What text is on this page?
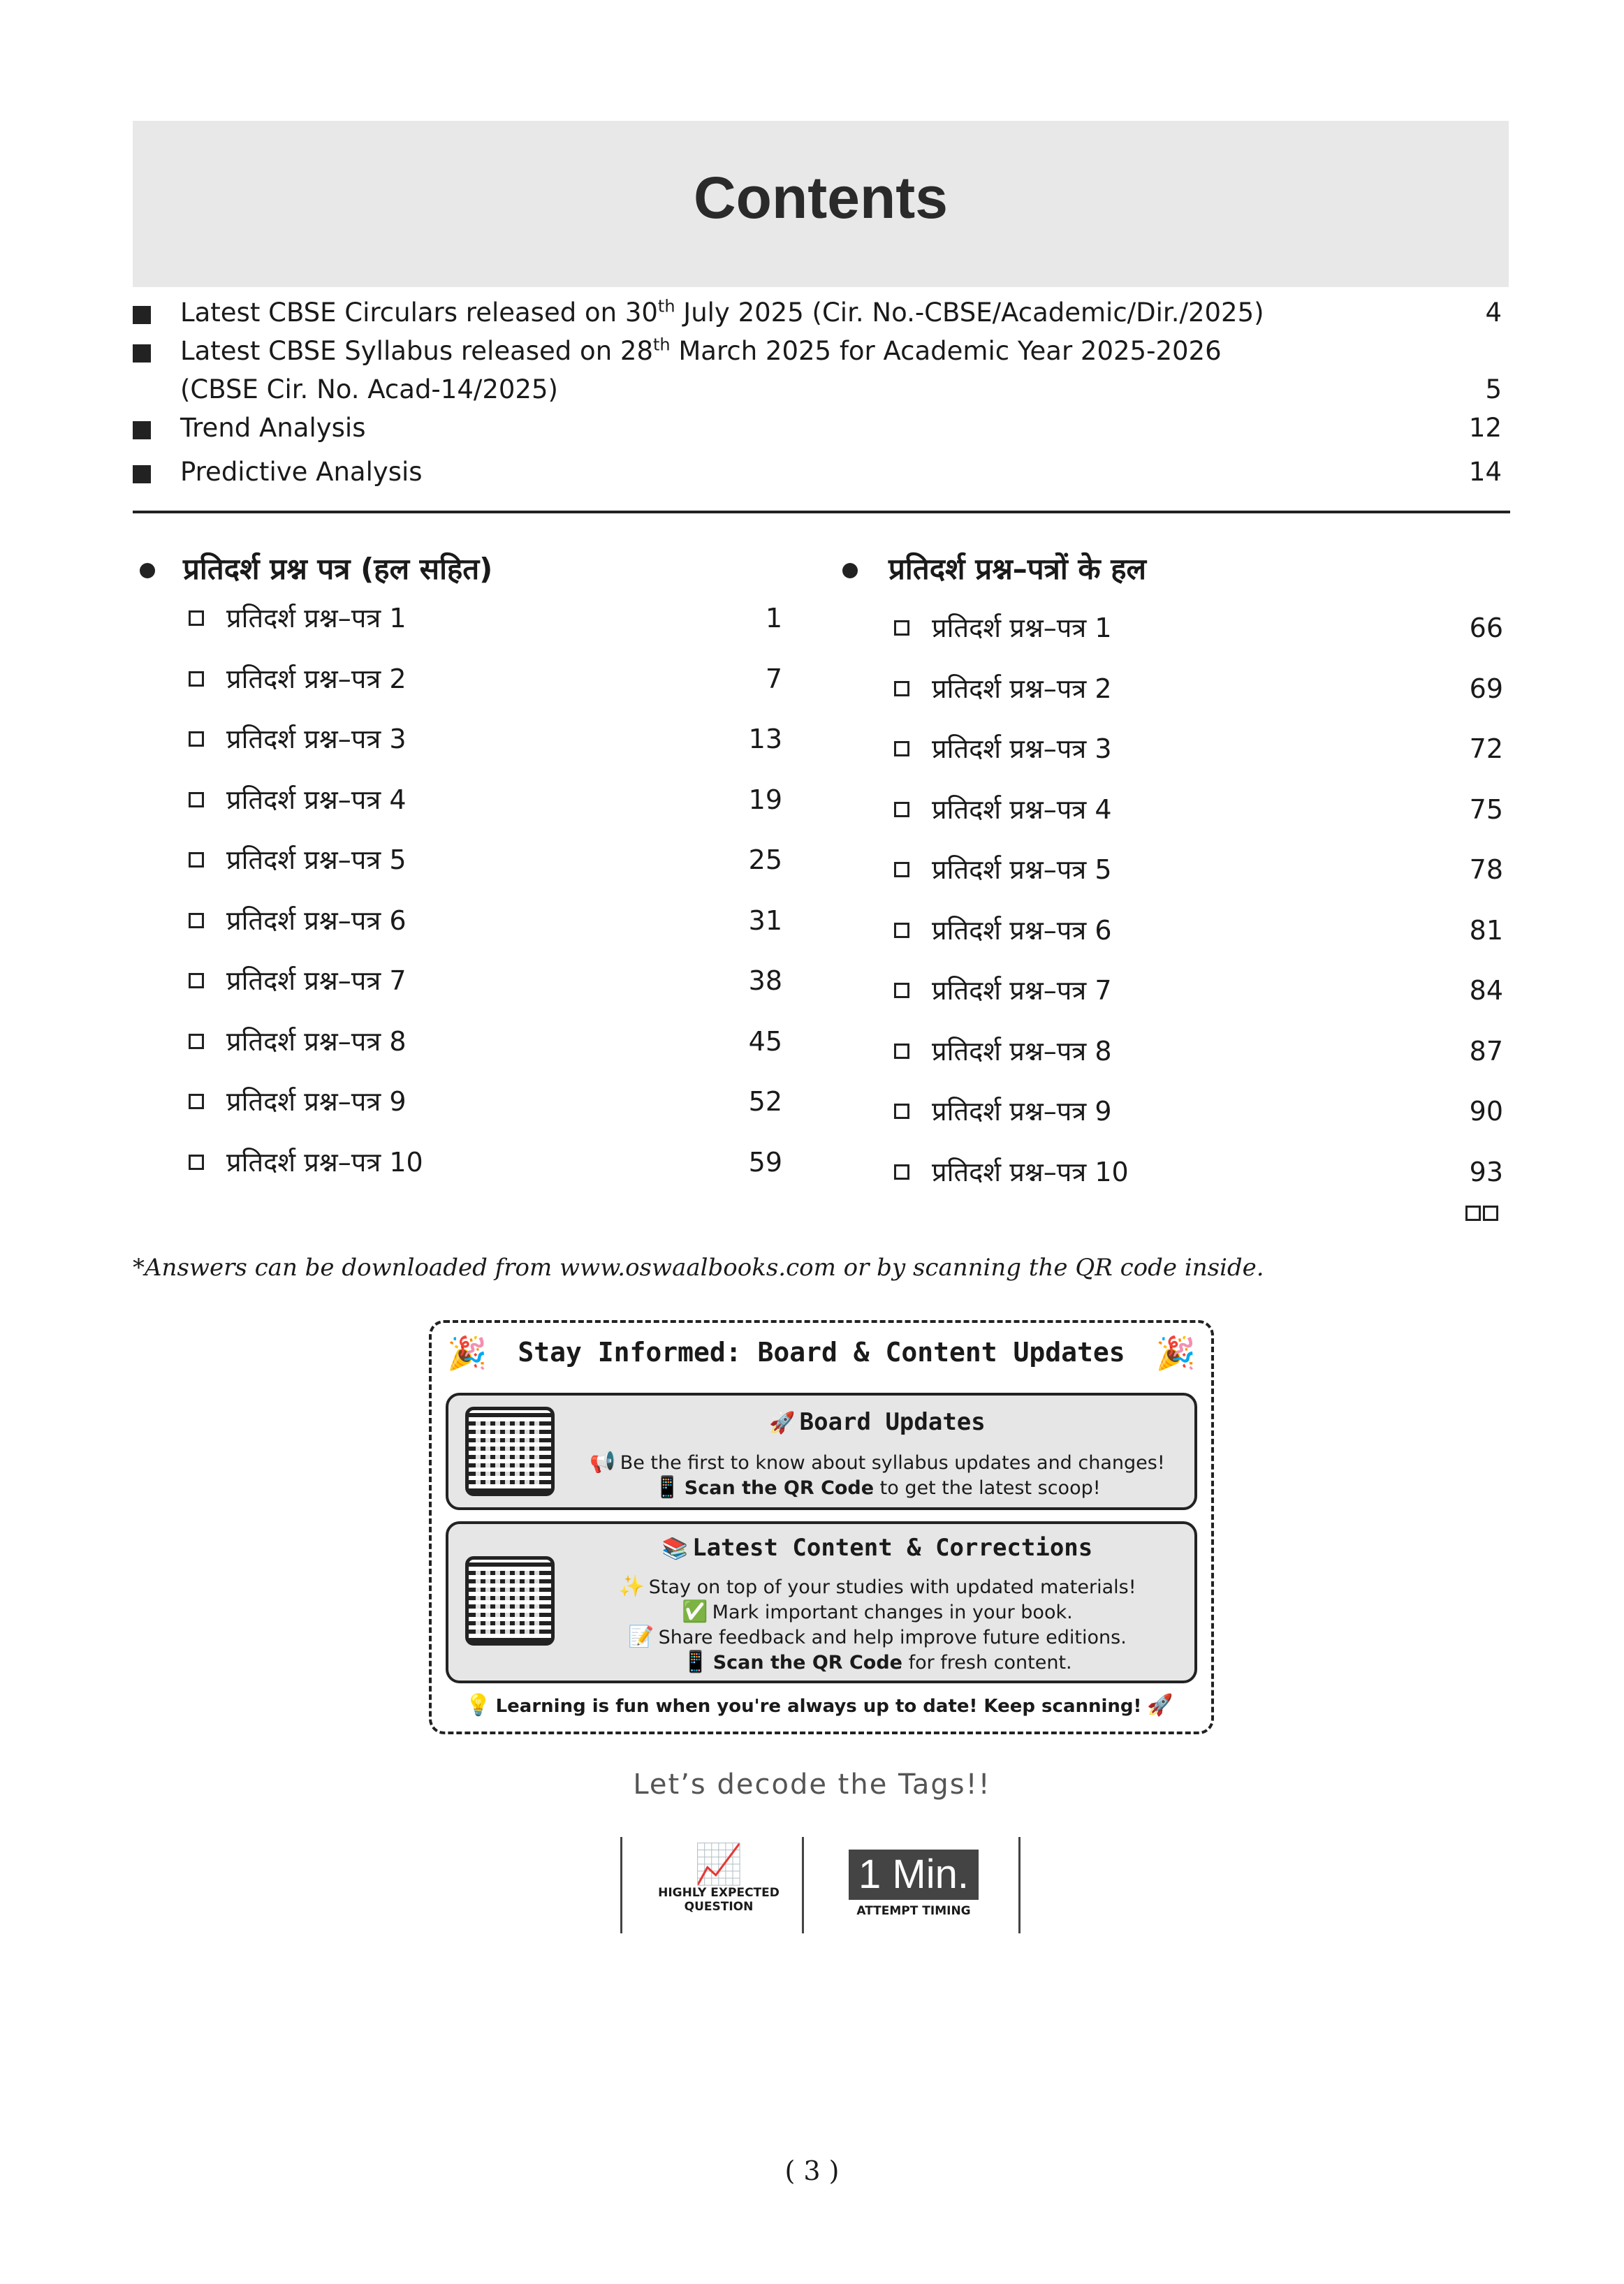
Contents
Latest CBSE Circulars released on 30th July 2025 (Cir. No.-CBSE/Academic/Dir./2025)	4
Latest CBSE Syllabus released on 28th March 2025 for Academic Year 2025-2026
(CBSE Cir. No. Acad-14/2025)	5
Trend Analysis	12
Predictive Analysis	14
प्रतिदर्श प्रश्न पत्र (हल सहित)
प्रतिदर्श प्रश्न–पत्र 1	1
प्रतिदर्श प्रश्न–पत्र 2	7
प्रतिदर्श प्रश्न–पत्र 3	13
प्रतिदर्श प्रश्न–पत्र 4	19
प्रतिदर्श प्रश्न–पत्र 5	25
प्रतिदर्श प्रश्न–पत्र 6	31
प्रतिदर्श प्रश्न–पत्र 7	38
प्रतिदर्श प्रश्न–पत्र 8	45
प्रतिदर्श प्रश्न–पत्र 9	52
प्रतिदर्श प्रश्न–पत्र 10	59
प्रतिदर्श प्रश्न–पत्रों के हल
प्रतिदर्श प्रश्न–पत्र 1	66
प्रतिदर्श प्रश्न–पत्र 2	69
प्रतिदर्श प्रश्न–पत्र 3	72
प्रतिदर्श प्रश्न–पत्र 4	75
प्रतिदर्श प्रश्न–पत्र 5	78
प्रतिदर्श प्रश्न–पत्र 6	81
प्रतिदर्श प्रश्न–पत्र 7	84
प्रतिदर्श प्रश्न–पत्र 8	87
प्रतिदर्श प्रश्न–पत्र 9	90
प्रतिदर्श प्रश्न–पत्र 10	93
*Answers can be downloaded from www.oswaalbooks.com or by scanning the QR code inside.
🎉	Stay Informed: Board & Content Updates 🎉
🚀 Board Updates
📢 Be the first to know about syllabus updates and changes!
📱 Scan the QR Code to get the latest scoop!
📚 Latest Content & Corrections
✨ Stay on top of your studies with updated materials!
✅ Mark important changes in your book.
📝 Share feedback and help improve future editions.
📱 Scan the QR Code for fresh content.
💡 Learning is fun when you're always up to date! Keep scanning! 🚀
Let’s decode the Tags!!
📈
HIGHLY EXPECTED
QUESTION
1 Min.
ATTEMPT TIMING
( 3 )
